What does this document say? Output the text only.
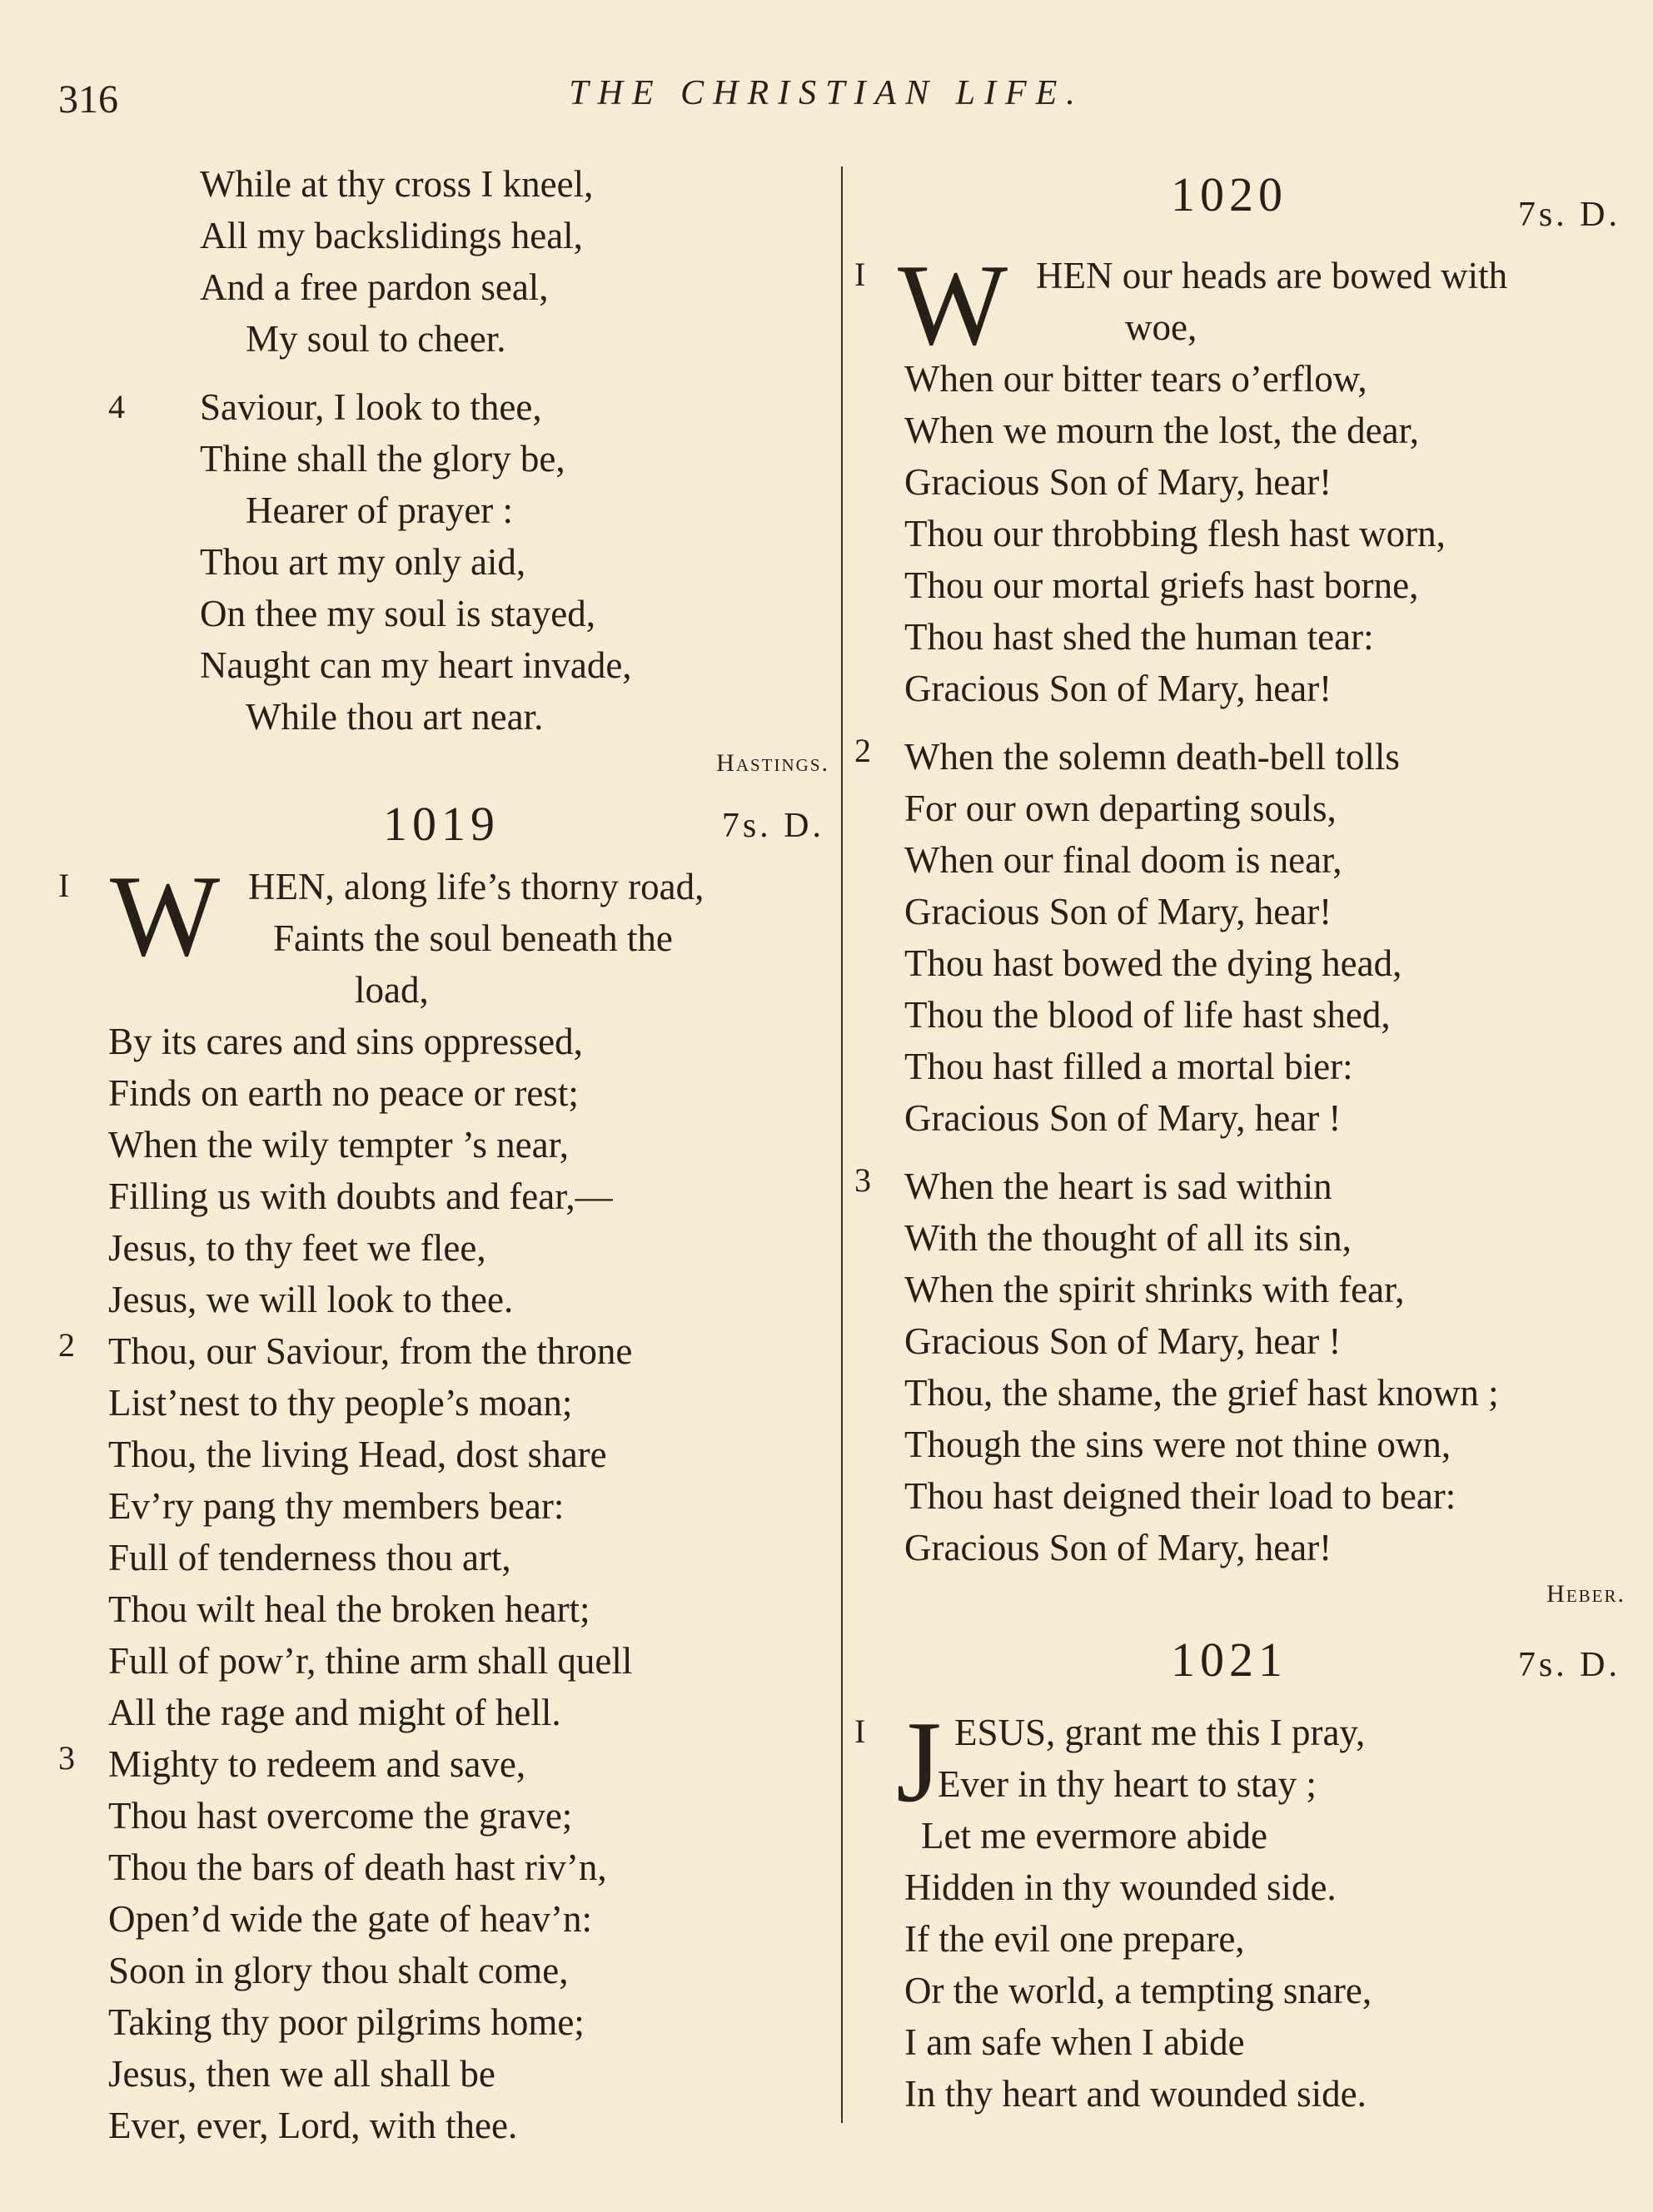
316	THE CHRISTIAN LIFE.
While at thy cross I kneel,
All my backslidings heal,
And a free pardon seal,
My soul to cheer.
4 Saviour, I look to thee,
Thine shall the glory be,
Hearer of prayer :
Thou art my only aid,
On thee my soul is stayed,
Naught can my heart invade,
While thou art near.
Hastings.
1019	7s. D.
I W HEN, along life’s thorny road,
Faints the soul beneath the
load,
By its cares and sins oppressed,
Finds on earth no peace or rest;
When the wily tempter ’s near,
Filling us with doubts and fear,—
Jesus, to thy feet we flee,
Jesus, we will look to thee.
2 Thou, our Saviour, from the throne
List’nest to thy people’s moan;
Thou, the living Head, dost share
Ev’ry pang thy members bear:
Full of tenderness thou art,
Thou wilt heal the broken heart;
Full of pow’r, thine arm shall quell
All the rage and might of hell.
3 Mighty to redeem and save,
Thou hast overcome the grave;
Thou the bars of death hast riv’n,
Open’d wide the gate of heav’n:
Soon in glory thou shalt come,
Taking thy poor pilgrims home;
Jesus, then we all shall be
Ever, ever, Lord, with thee.
1020	7s. D.
I W HEN our heads are bowed with
woe,
When our bitter tears o’erflow,
When we mourn the lost, the dear,
Gracious Son of Mary, hear!
Thou our throbbing flesh hast worn,
Thou our mortal griefs hast borne,
Thou hast shed the human tear:
Gracious Son of Mary, hear!
2 When the solemn death-bell tolls
For our own departing souls,
When our final doom is near,
Gracious Son of Mary, hear!
Thou hast bowed the dying head,
Thou the blood of life hast shed,
Thou hast filled a mortal bier:
Gracious Son of Mary, hear !
3 When the heart is sad within
With the thought of all its sin,
When the spirit shrinks with fear,
Gracious Son of Mary, hear !
Thou, the shame, the grief hast known ;
Though the sins were not thine own,
Thou hast deigned their load to bear:
Gracious Son of Mary, hear!
Heber.
1021	7s. D.
I J ESUS, grant me this I pray,
Ever in thy heart to stay ;
Let me evermore abide
Hidden in thy wounded side.
If the evil one prepare,
Or the world, a tempting snare,
I am safe when I abide
In thy heart and wounded side.
